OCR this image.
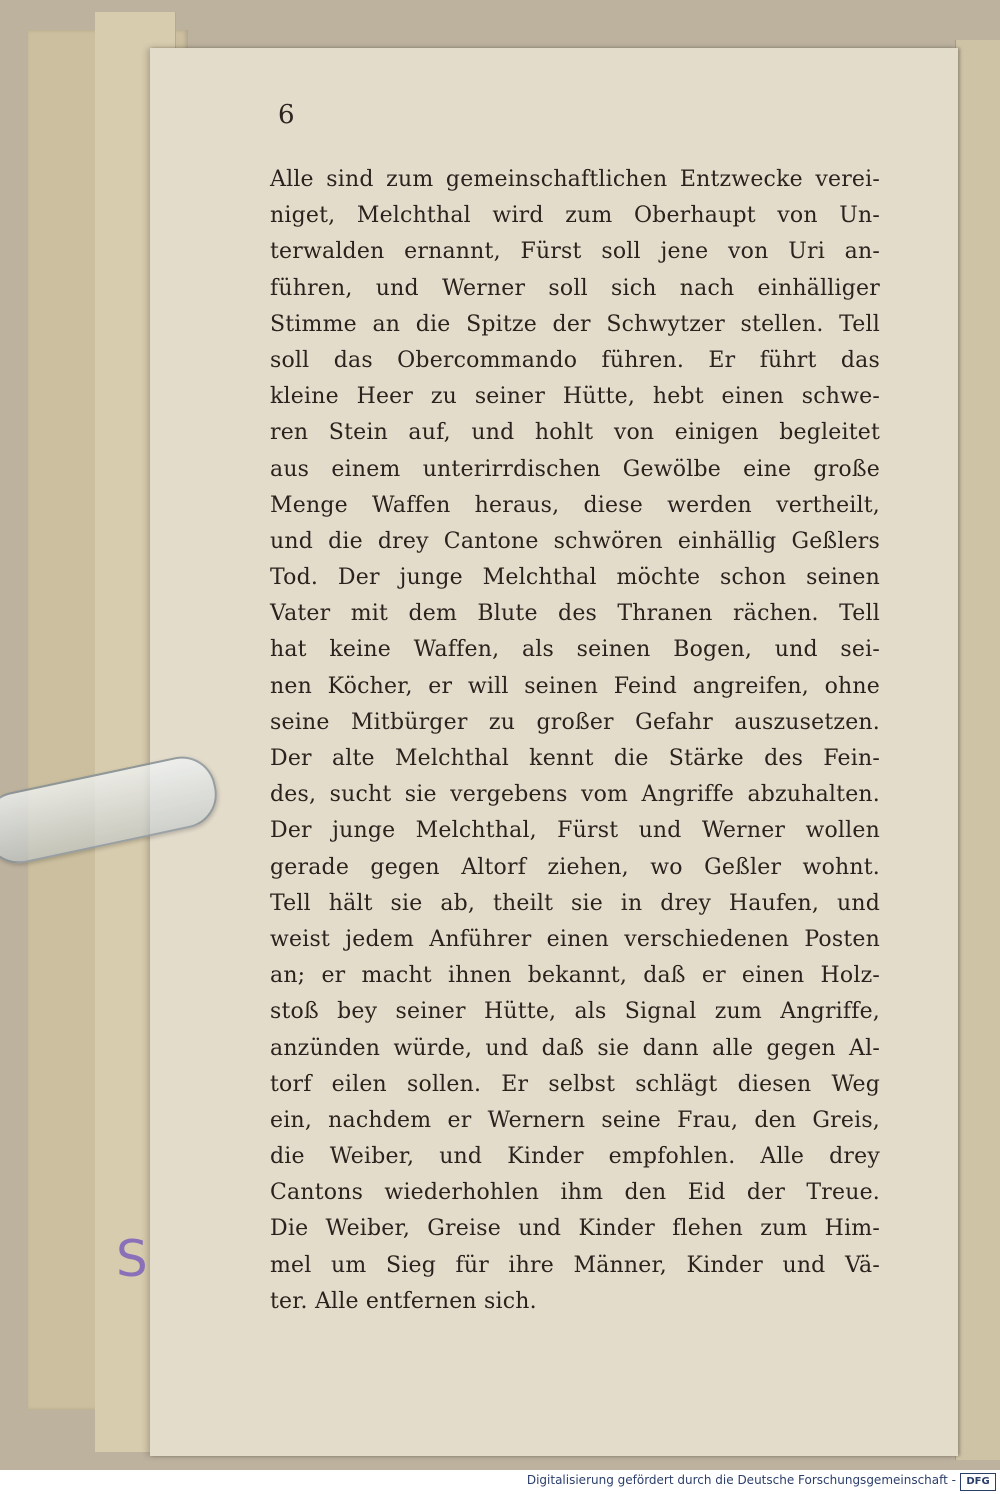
6
Alle sind zum gemeinschaftlichen Entzwecke verei-
niget, Melchthal wird zum Oberhaupt von Un-
terwalden ernannt, Fürst soll jene von Uri an-
führen, und Werner soll sich nach einhälliger
Stimme an die Spitze der Schwytzer stellen. Tell
soll das Obercommando führen. Er führt das
kleine Heer zu seiner Hütte, hebt einen schwe-
ren Stein auf, und hohlt von einigen begleitet
aus einem unterirrdischen Gewölbe eine große
Menge Waffen heraus, diese werden vertheilt,
und die drey Cantone schwören einhällig Geßlers
Tod. Der junge Melchthal möchte schon seinen
Vater mit dem Blute des Thranen rächen. Tell
hat keine Waffen, als seinen Bogen, und sei-
nen Köcher, er will seinen Feind angreifen, ohne
seine Mitbürger zu großer Gefahr auszusetzen.
Der alte Melchthal kennt die Stärke des Fein-
des, sucht sie vergebens vom Angriffe abzuhalten.
Der junge Melchthal, Fürst und Werner wollen
gerade gegen Altorf ziehen, wo Geßler wohnt.
Tell hält sie ab, theilt sie in drey Haufen, und
weist jedem Anführer einen verschiedenen Posten
an; er macht ihnen bekannt, daß er einen Holz-
stoß bey seiner Hütte, als Signal zum Angriffe,
anzünden würde, und daß sie dann alle gegen Al-
torf eilen sollen. Er selbst schlägt diesen Weg
ein, nachdem er Wernern seine Frau, den Greis,
die Weiber, und Kinder empfohlen. Alle drey
Cantons wiederhohlen ihm den Eid der Treue.
Die Weiber, Greise und Kinder flehen zum Him-
mel um Sieg für ihre Männer, Kinder und Vä-
ter. Alle entfernen sich.
S
Digitalisierung gefördert durch die Deutsche Forschungsgemeinschaft -	DFG
